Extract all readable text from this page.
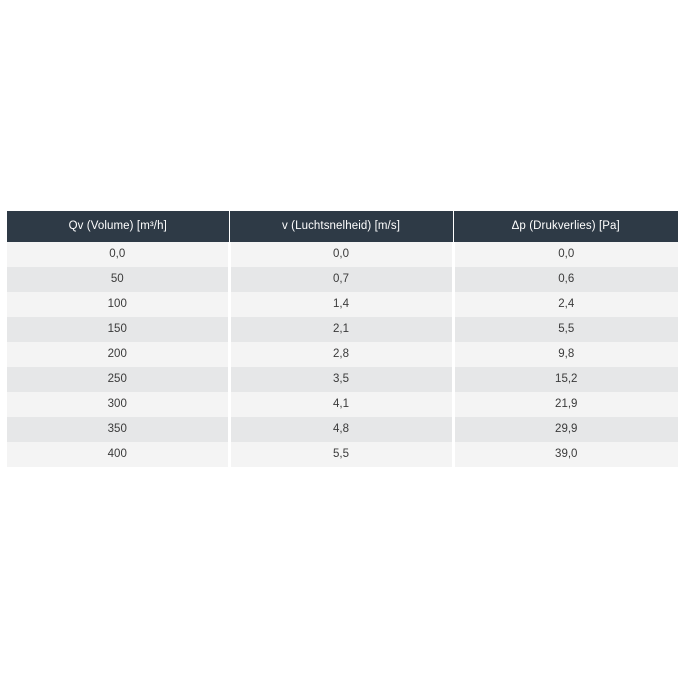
Qv (Volume) [m³/h]	v (Luchtsnelheid) [m/s]	Δp (Drukverlies) [Pa]
0,0	0,0	0,0
50	0,7	0,6
100	1,4	2,4
150	2,1	5,5
200	2,8	9,8
250	3,5	15,2
300	4,1	21,9
350	4,8	29,9
400	5,5	39,0
